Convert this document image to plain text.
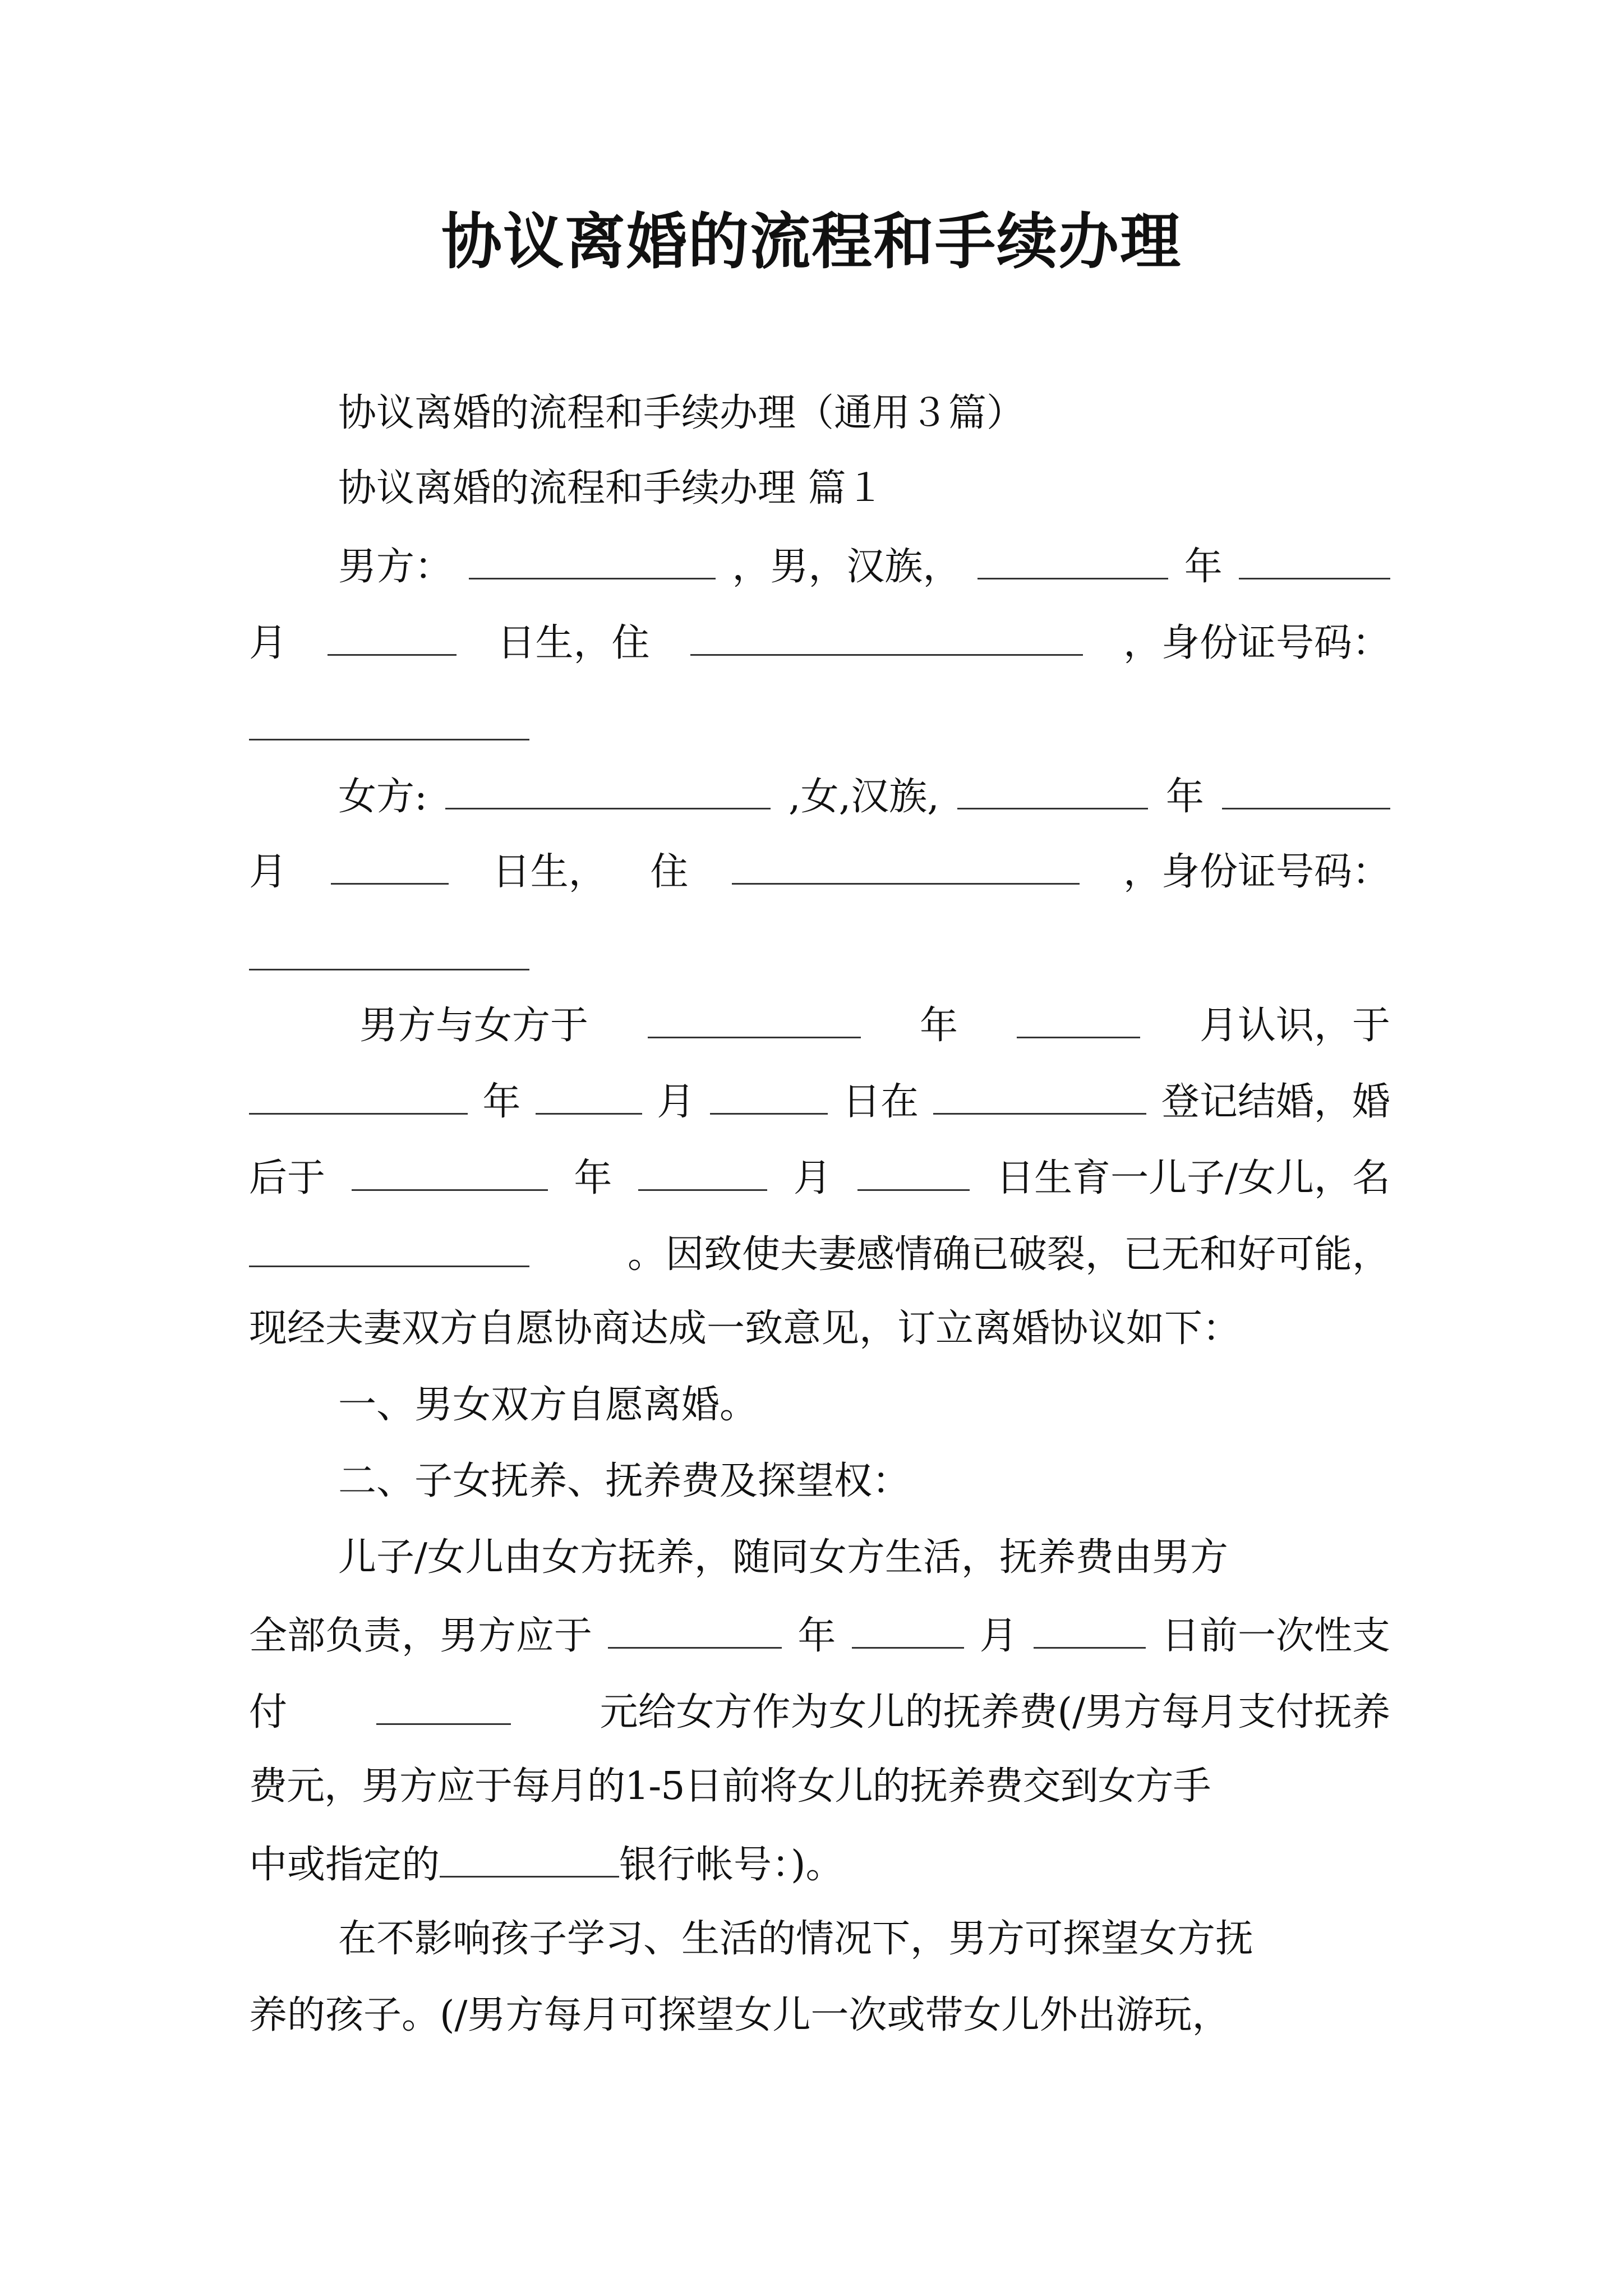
协议离婚的流程和手续办理

协议离婚的流程和手续办理（通用３篇）

协议离婚的流程和手续办理 篇１

男方：	，男，汉族，	年
月	日生，住	，身份证号码：
女方:	,女,汉族,	年
月	日生， 住	，身份证号码：
男方与女方于	年	月认识，于
年	月	日在	登记结婚，婚
后于	年	月	日生育一儿子/女儿，名
。因致使夫妻感情确已破裂，已无和好可能，

现经夫妻双方自愿协商达成一致意见，订立离婚协议如下：

一、男女双方自愿离婚。

二、子女抚养、抚养费及探望权：

儿子/女儿由女方抚养，随同女方生活，抚养费由男方

全部负责，男方应于	年	月	日前一次性支
付	元给女方作为女儿的抚养费(/男方每月支付抚养

费元，男方应于每月的1-5日前将女儿的抚养费交到女方手

中或指定的	银行帐号：)。

在不影响孩子学习、生活的情况下，男方可探望女方抚

养的孩子。(/男方每月可探望女儿一次或带女儿外出游玩，
